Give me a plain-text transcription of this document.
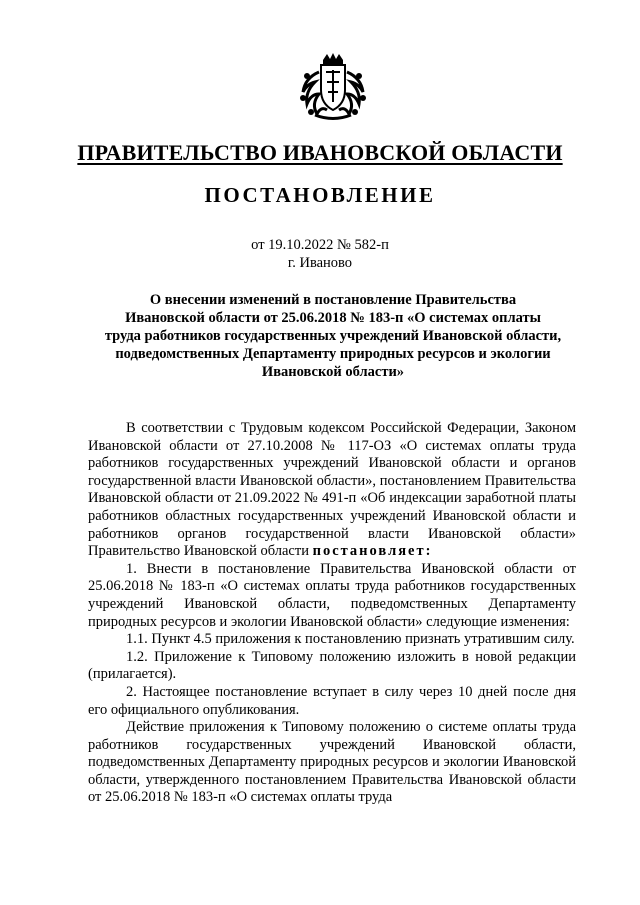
ПРАВИТЕЛЬСТВО ИВАНОВСКОЙ ОБЛАСТИ
ПОСТАНОВЛЕНИЕ
от 19.10.2022 № 582-п
г. Иваново
О внесении изменений в постановление Правительства
Ивановской области от 25.06.2018 № 183-п «О системах оплаты
труда работников государственных учреждений Ивановской области,
подведомственных Департаменту природных ресурсов и экологии
Ивановской области»

В соответствии с Трудовым кодексом Российской Федерации, Законом Ивановской области от 27.10.2008 № 117-ОЗ «О системах оплаты труда работников государственных учреждений Ивановской области и органов государственной власти Ивановской области», постановлением Правительства Ивановской области от 21.09.2022 № 491-п «Об индексации заработной платы работников областных государственных учреждений Ивановской области и работников органов государственной власти Ивановской области» Правительство Ивановской области постановляет:

1. Внести в постановление Правительства Ивановской области от 25.06.2018 № 183-п «О системах оплаты труда работников государственных учреждений Ивановской области, подведомственных Департаменту природных ресурсов и экологии Ивановской области» следующие изменения:

1.1. Пункт 4.5 приложения к постановлению признать утратившим силу.

1.2. Приложение к Типовому положению изложить в новой редакции (прилагается).

2. Настоящее постановление вступает в силу через 10 дней после дня его официального опубликования.

Действие приложения к Типовому положению о системе оплаты труда работников государственных учреждений Ивановской области, подведомственных Департаменту природных ресурсов и экологии Ивановской области, утвержденного постановлением Правительства Ивановской области от 25.06.2018 № 183-п «О системах оплаты труда
